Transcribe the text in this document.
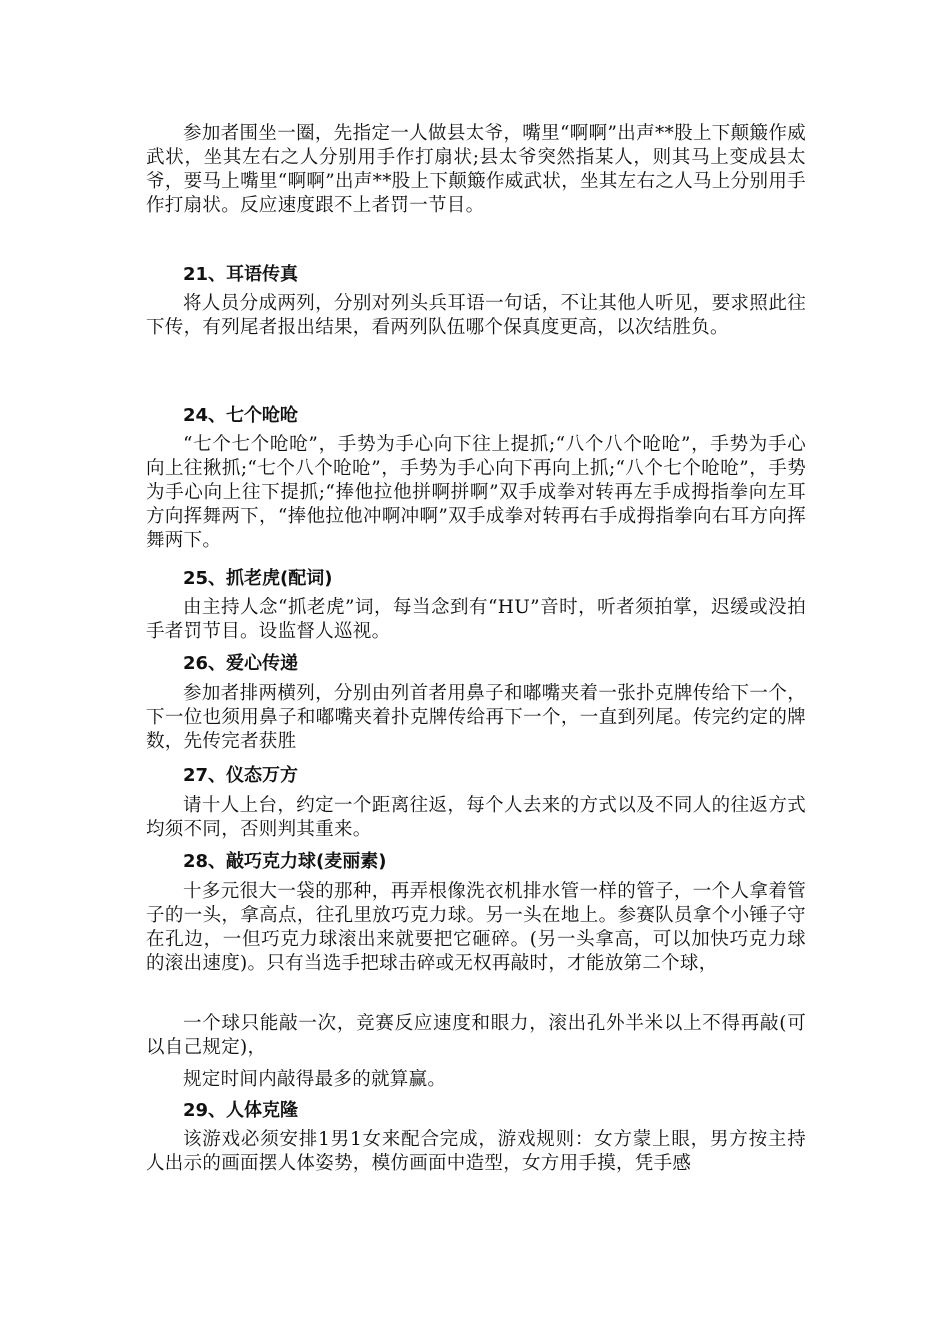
参加者围坐一圈，先指定一人做县太爷，嘴里“啊啊”出声**股上下颠簸作威武状，坐其左右之人分别用手作打扇状;县太爷突然指某人，则其马上变成县太爷，要马上嘴里“啊啊”出声**股上下颠簸作威武状，坐其左右之人马上分别用手作打扇状。反应速度跟不上者罚一节目。

21、耳语传真

将人员分成两列，分别对列头兵耳语一句话，不让其他人听见，要求照此往下传，有列尾者报出结果，看两列队伍哪个保真度更高，以次结胜负。

24、七个呛呛

“七个七个呛呛”，手势为手心向下往上提抓;“八个八个呛呛”，手势为手心向上往揪抓;“七个八个呛呛”，手势为手心向下再向上抓;“八个七个呛呛”，手势为手心向上往下提抓;“捧他拉他拼啊拼啊”双手成拳对转再左手成拇指拳向左耳方向挥舞两下，“捧他拉他冲啊冲啊”双手成拳对转再右手成拇指拳向右耳方向挥舞两下。

25、抓老虎(配词)

由主持人念“抓老虎”词，每当念到有“HU”音时，听者须拍掌，迟缓或没拍手者罚节目。设监督人巡视。

26、爱心传递

参加者排两横列，分别由列首者用鼻子和嘟嘴夹着一张扑克牌传给下一个，下一位也须用鼻子和嘟嘴夹着扑克牌传给再下一个，一直到列尾。传完约定的牌数，先传完者获胜

27、仪态万方

请十人上台，约定一个距离往返，每个人去来的方式以及不同人的往返方式均须不同，否则判其重来。

28、敲巧克力球(麦丽素)

十多元很大一袋的那种，再弄根像洗衣机排水管一样的管子，一个人拿着管子的一头，拿高点，往孔里放巧克力球。另一头在地上。参赛队员拿个小锤子守在孔边，一但巧克力球滚出来就要把它砸碎。(另一头拿高，可以加快巧克力球的滚出速度)。只有当选手把球击碎或无权再敲时，才能放第二个球，

一个球只能敲一次，竞赛反应速度和眼力，滚出孔外半米以上不得再敲(可以自己规定)，

规定时间内敲得最多的就算赢。

29、人体克隆

该游戏必须安排1男1女来配合完成，游戏规则：女方蒙上眼，男方按主持人出示的画面摆人体姿势，模仿画面中造型，女方用手摸，凭手感
